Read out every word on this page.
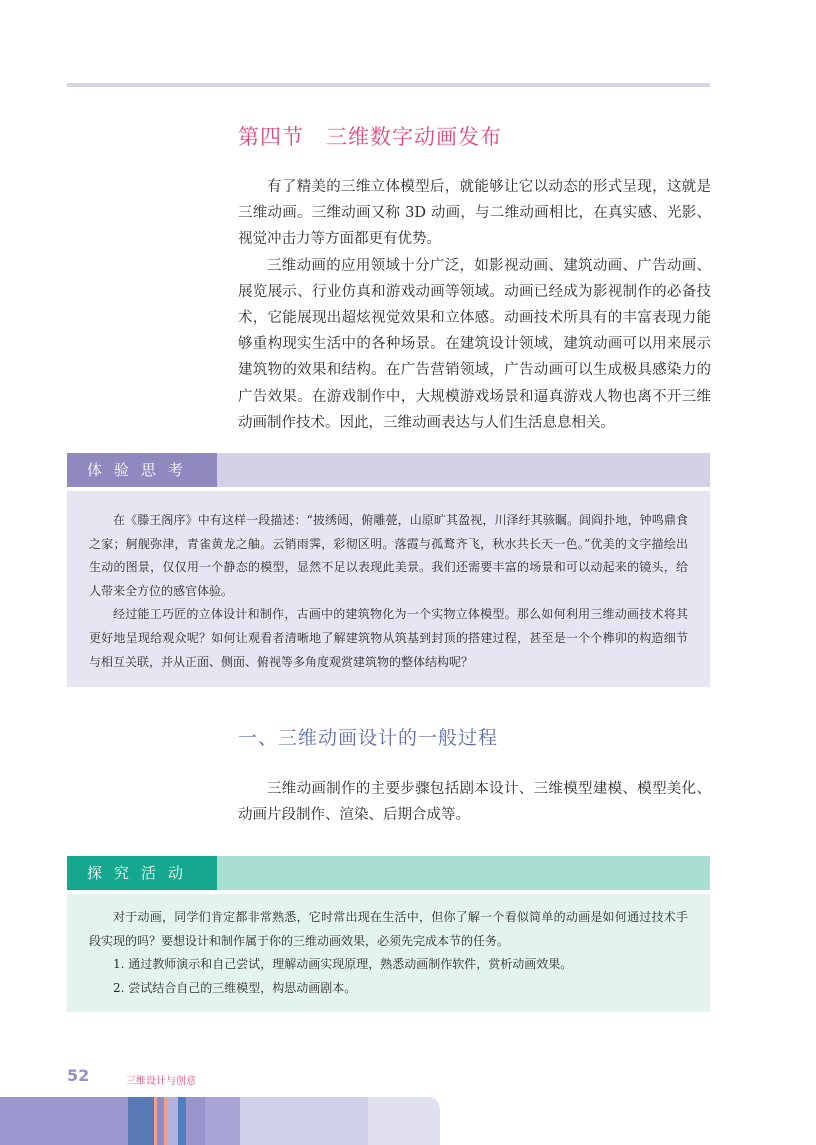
第四节　三维数字动画发布

有了精美的三维立体模型后，就能够让它以动态的形式呈现，这就是三维动画。三维动画又称 3D 动画，与二维动画相比，在真实感、光影、视觉冲击力等方面都更有优势。

三维动画的应用领域十分广泛，如影视动画、建筑动画、广告动画、展览展示、行业仿真和游戏动画等领域。动画已经成为影视制作的必备技术，它能展现出超炫视觉效果和立体感。动画技术所具有的丰富表现力能够重构现实生活中的各种场景。在建筑设计领域，建筑动画可以用来展示建筑物的效果和结构。在广告营销领域，广告动画可以生成极具感染力的广告效果。在游戏制作中，大规模游戏场景和逼真游戏人物也离不开三维动画制作技术。因此，三维动画表达与人们生活息息相关。

体验思考

在《滕王阁序》中有这样一段描述：“披绣闼，俯雕甍，山原旷其盈视，川泽纡其骇瞩。闾阎扑地，钟鸣鼎食之家；舸舰弥津，青雀黄龙之舳。云销雨霁，彩彻区明。落霞与孤鹜齐飞，秋水共长天一色。”优美的文字描绘出生动的图景，仅仅用一个静态的模型，显然不足以表现此美景。我们还需要丰富的场景和可以动起来的镜头，给人带来全方位的感官体验。

经过能工巧匠的立体设计和制作，古画中的建筑物化为一个实物立体模型。那么如何利用三维动画技术将其更好地呈现给观众呢？如何让观看者清晰地了解建筑物从筑基到封顶的搭建过程，甚至是一个个榫卯的构造细节与相互关联，并从正面、侧面、俯视等多角度观赏建筑物的整体结构呢？

一、三维动画设计的一般过程

三维动画制作的主要步骤包括剧本设计、三维模型建模、模型美化、动画片段制作、渲染、后期合成等。

探究活动

对于动画，同学们肯定都非常熟悉，它时常出现在生活中，但你了解一个看似简单的动画是如何通过技术手段实现的吗？要想设计和制作属于你的三维动画效果，必须先完成本节的任务。

1. 通过教师演示和自己尝试，理解动画实现原理，熟悉动画制作软件，赏析动画效果。

2. 尝试结合自己的三维模型，构思动画剧本。

52	三维设计与创意
